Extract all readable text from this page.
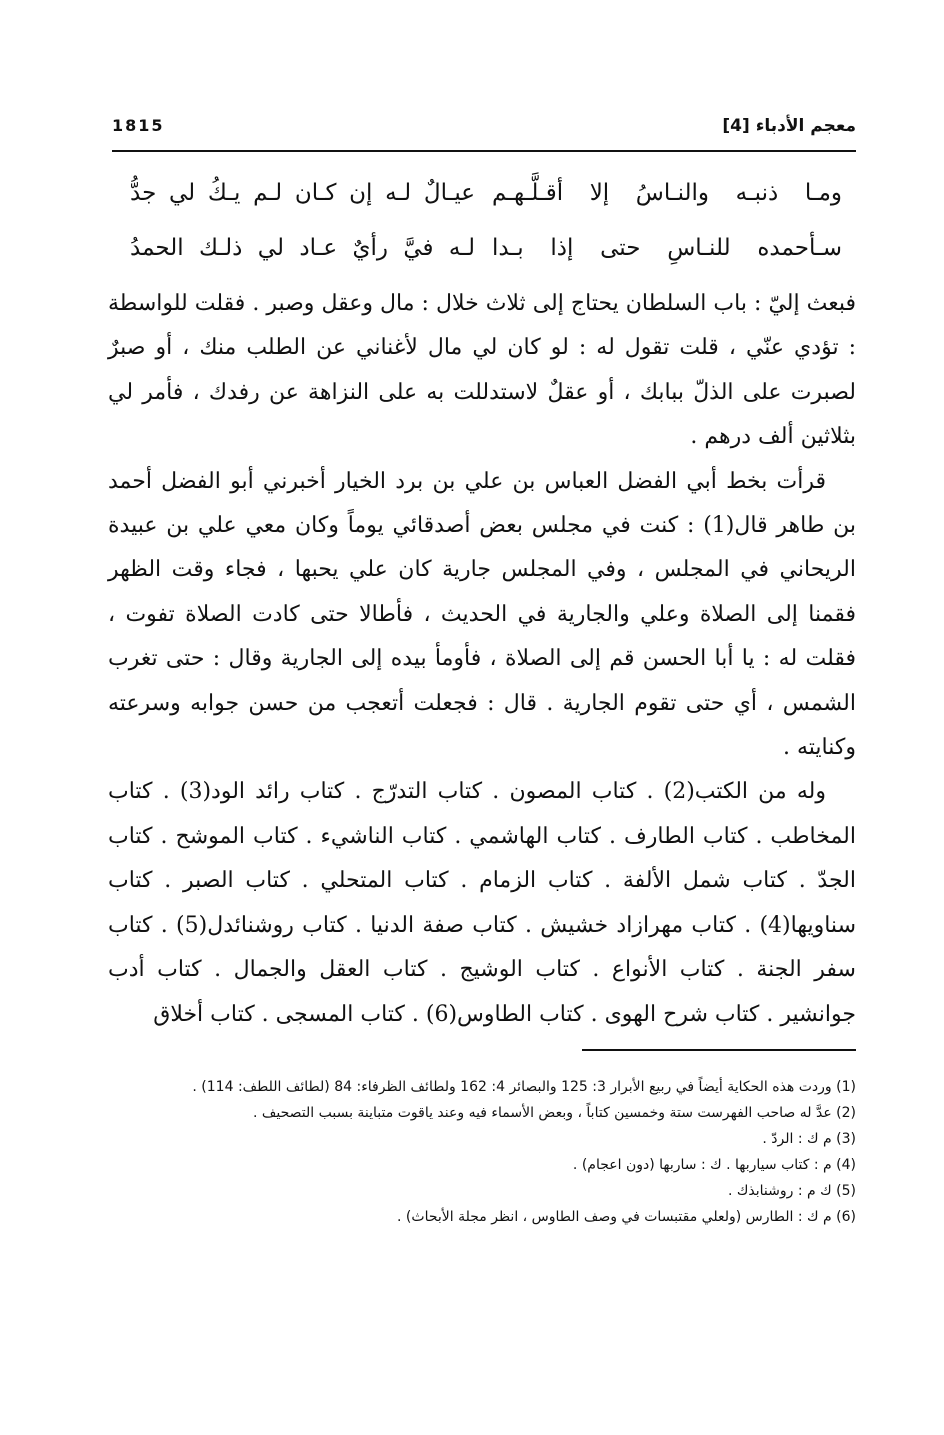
معجم الأدباء [4]
1815
ومـا ذنبـه والنـاسُ إلا أقـلَّـهـم
عيـالٌ لـه إن كـان لـم يـكُ لي جدُّ
سـأحمده للنـاسِ حتى إذا بـدا
لـه فيَّ رأيٌ عـاد لي ذلـك الحمدُ

فبعث إليّ : باب السلطان يحتاج إلى ثلاث خلال : مال وعقل وصبر . فقلت للواسطة : تؤدي عنّي ، قلت تقول له : لو كان لي مال لأغناني عن الطلب منك ، أو صبرٌ لصبرت على الذلّ ببابك ، أو عقلٌ لاستدللت به على النزاهة عن رفدك ، فأمر لي بثلاثين ألف درهم .

قرأت بخط أبي الفضل العباس بن علي بن برد الخيار أخبرني أبو الفضل أحمد بن طاهر قال(1) : كنت في مجلس بعض أصدقائي يوماً وكان معي علي بن عبيدة الريحاني في المجلس ، وفي المجلس جارية كان علي يحبها ، فجاء وقت الظهر فقمنا إلى الصلاة وعلي والجارية في الحديث ، فأطالا حتى كادت الصلاة تفوت ، فقلت له : يا أبا الحسن قم إلى الصلاة ، فأومأ بيده إلى الجارية وقال : حتى تغرب الشمس ، أي حتى تقوم الجارية . قال : فجعلت أتعجب من حسن جوابه وسرعته وكنايته .

وله من الكتب(2) . كتاب المصون . كتاب التدرّج . كتاب رائد الود(3) . كتاب المخاطب . كتاب الطارف . كتاب الهاشمي . كتاب الناشيء . كتاب الموشح . كتاب الجدّ . كتاب شمل الألفة . كتاب الزمام . كتاب المتحلي . كتاب الصبر . كتاب سناويها(4) . كتاب مهرازاد خشيش . كتاب صفة الدنيا . كتاب روشنائدل(5) . كتاب سفر الجنة . كتاب الأنواع . كتاب الوشيج . كتاب العقل والجمال . كتاب أدب جوانشير . كتاب شرح الهوى . كتاب الطاوس(6) . كتاب المسجى . كتاب أخلاق

(1) وردت هذه الحكاية أيضاً في ربيع الأبرار 3: 125 والبصائر 4: 162 ولطائف الظرفاء: 84 (لطائف اللطف: 114) .

(2) عدَّ له صاحب الفهرست ستة وخمسين كتاباً ، وبعض الأسماء فيه وعند ياقوت متباينة بسبب التصحيف .

(3) م ك : الردّ .

(4) م : كتاب سياربها . ك : ساربها (دون اعجام) .

(5) ك م : روشنابذك .

(6) م ك : الطارس (ولعلي مقتبسات في وصف الطاوس ، انظر مجلة الأبحاث) .
